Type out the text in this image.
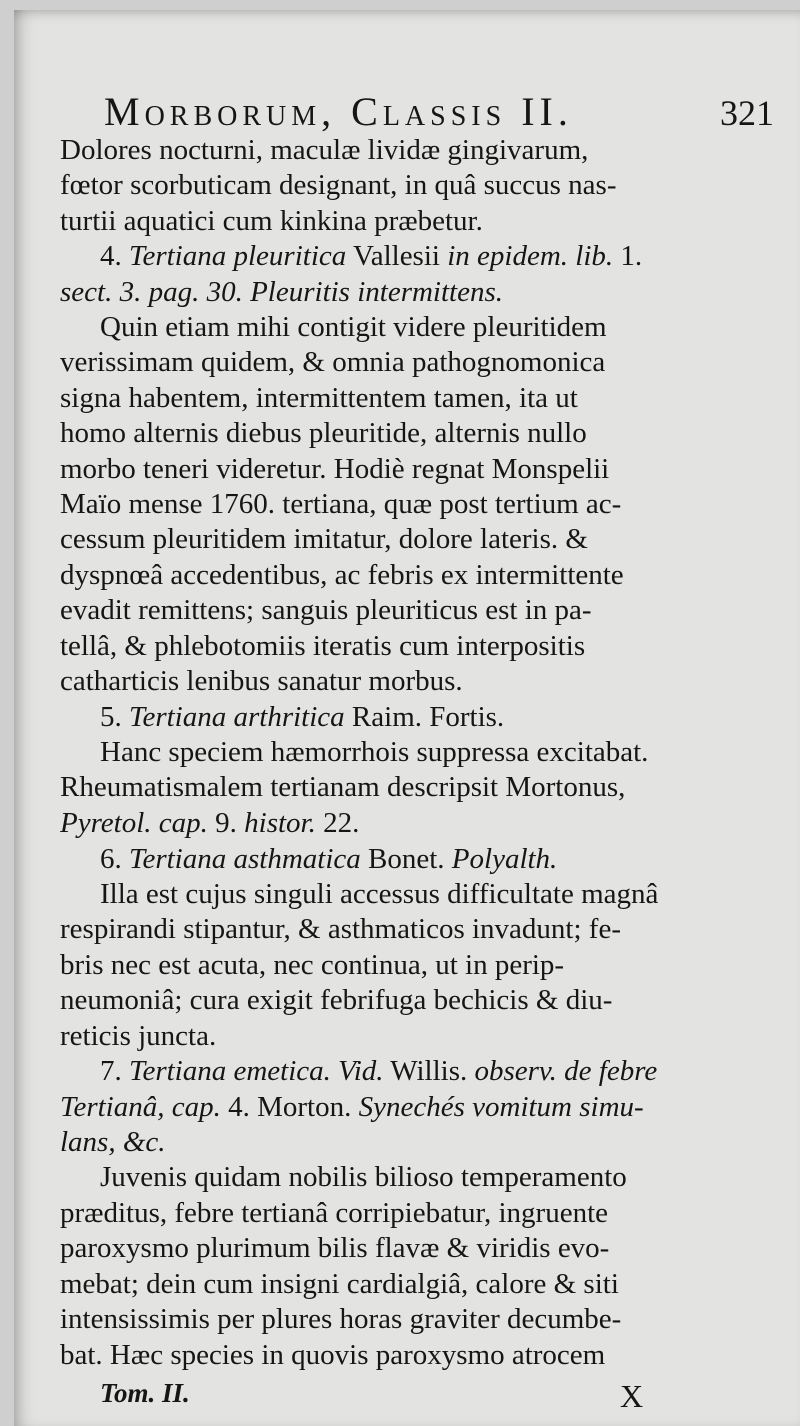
Morborum, Classis II.	321
Dolores nocturni, maculæ lividæ gingivarum,
fœtor scorbuticam designant, in quâ succus nas-
turtii aquatici cum kinkina præbetur.
4. Tertiana pleuritica Vallesii in epidem. lib. 1.
sect. 3. pag. 30. Pleuritis intermittens.
Quin etiam mihi contigit videre pleuritidem
verissimam quidem, & omnia pathognomonica
signa habentem, intermittentem tamen, ita ut
homo alternis diebus pleuritide, alternis nullo
morbo teneri videretur. Hodiè regnat Monspelii
Maïo mense 1760. tertiana, quæ post tertium ac-
cessum pleuritidem imitatur, dolore lateris. &
dyspnœâ accedentibus, ac febris ex intermittente
evadit remittens; sanguis pleuriticus est in pa-
tellâ, & phlebotomiis iteratis cum interpositis
catharticis lenibus sanatur morbus.
5. Tertiana arthritica Raim. Fortis.
Hanc speciem hæmorrhois suppressa excitabat.
Rheumatismalem tertianam descripsit Mortonus,
Pyretol. cap. 9. histor. 22.
6. Tertiana asthmatica Bonet. Polyalth.
Illa est cujus singuli accessus difficultate magnâ
respirandi stipantur, & asthmaticos invadunt; fe-
bris nec est acuta, nec continua, ut in perip-
neumoniâ; cura exigit febrifuga bechicis & diu-
reticis juncta.
7. Tertiana emetica. Vid. Willis. observ. de febre
Tertianâ, cap. 4. Morton. Synechés vomitum simu-
lans, &c.
Juvenis quidam nobilis bilioso temperamento
præditus, febre tertianâ corripiebatur, ingruente
paroxysmo plurimum bilis flavæ & viridis evo-
mebat; dein cum insigni cardialgiâ, calore & siti
intensissimis per plures horas graviter decumbe-
bat. Hæc species in quovis paroxysmo atrocem
Tom. II.	X
